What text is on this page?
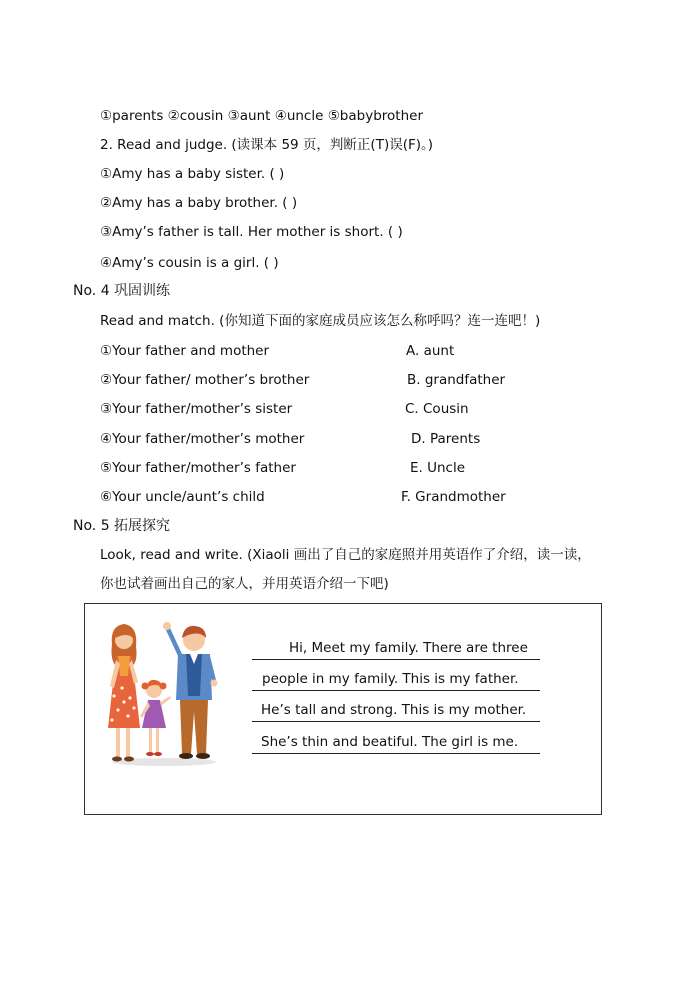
①parents ②cousin ③aunt ④uncle ⑤babybrother
2. Read and judge. (读课本 59 页，判断正(T)误(F)。)
①Amy has a baby sister. ( )
②Amy has a baby brother. ( )
③Amy’s father is tall. Her mother is short. ( )
④Amy’s cousin is a girl. ( )
No. 4 巩固训练
Read and match. (你知道下面的家庭成员应该怎么称呼吗？连一连吧！)
①Your father and mother
②Your father/ mother’s brother
③Your father/mother’s sister
④Your father/mother’s mother
⑤Your father/mother’s father
⑥Your uncle/aunt’s child
A. aunt
B. grandfather
C. Cousin
D. Parents
E. Uncle
F. Grandmother
No. 5 拓展探究
Look, read and write. (Xiaoli 画出了自己的家庭照并用英语作了介绍，读一读，
你也试着画出自己的家人，并用英语介绍一下吧)
Hi, Meet my family. There are three
people in my family. This is my father.
He’s tall and strong. This is my mother.
She’s thin and beatiful. The girl is me.
